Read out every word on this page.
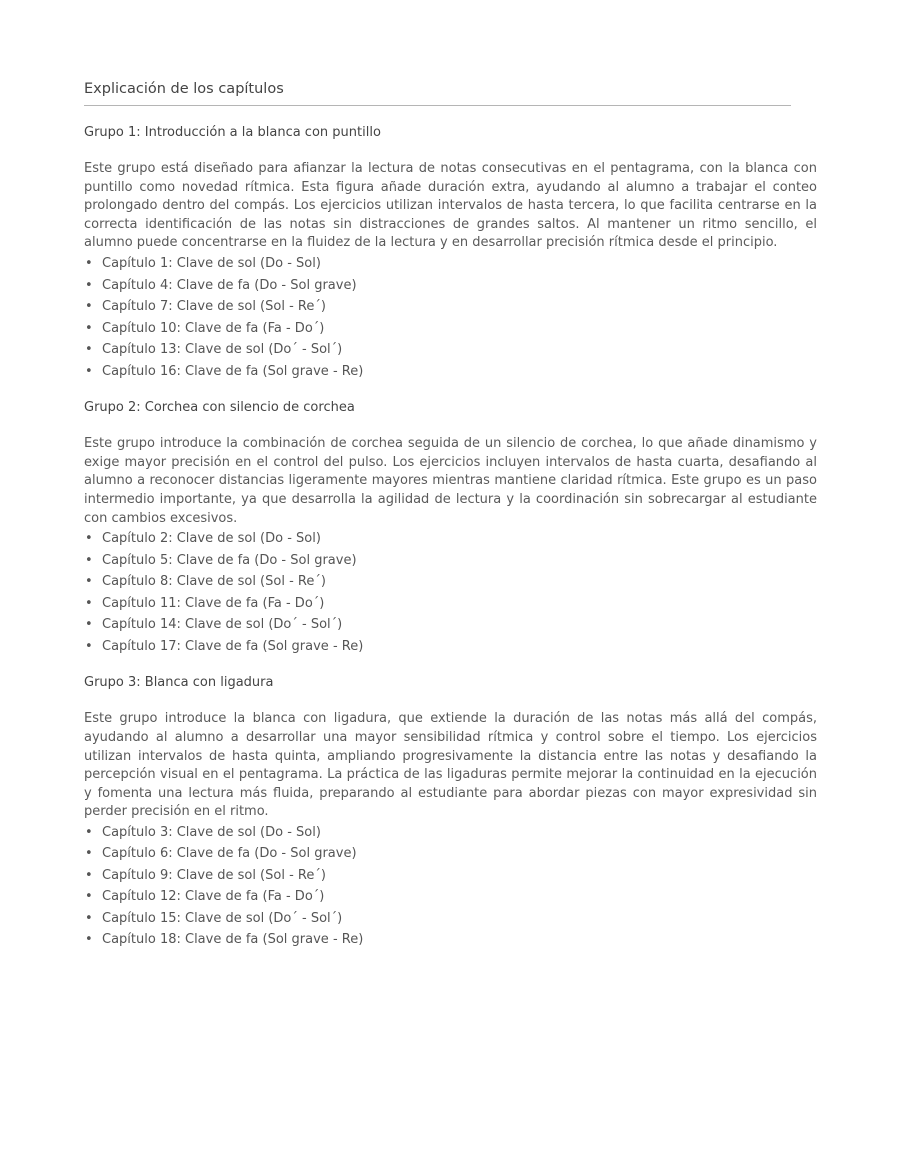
Explicación de los capítulos
Grupo 1: Introducción a la blanca con puntillo

Este grupo está diseñado para afianzar la lectura de notas consecutivas en el pentagrama, con la blanca con puntillo como novedad rítmica. Esta figura añade duración extra, ayudando al alumno a trabajar el conteo prolongado dentro del compás. Los ejercicios utilizan intervalos de hasta tercera, lo que facilita centrarse en la correcta identificación de las notas sin distracciones de grandes saltos. Al mantener un ritmo sencillo, el alumno puede concentrarse en la fluidez de la lectura y en desarrollar precisión rítmica desde el principio.

• Capítulo 1: Clave de sol (Do - Sol)
• Capítulo 4: Clave de fa (Do - Sol grave)
• Capítulo 7: Clave de sol (Sol - Re´)
• Capítulo 10: Clave de fa (Fa - Do´)
• Capítulo 13: Clave de sol (Do´ - Sol´)
• Capítulo 16: Clave de fa (Sol grave - Re)
Grupo 2: Corchea con silencio de corchea

Este grupo introduce la combinación de corchea seguida de un silencio de corchea, lo que añade dinamismo y exige mayor precisión en el control del pulso. Los ejercicios incluyen intervalos de hasta cuarta, desafiando al alumno a reconocer distancias ligeramente mayores mientras mantiene claridad rítmica. Este grupo es un paso intermedio importante, ya que desarrolla la agilidad de lectura y la coordinación sin sobrecargar al estudiante con cambios excesivos.

• Capítulo 2: Clave de sol (Do - Sol)
• Capítulo 5: Clave de fa (Do - Sol grave)
• Capítulo 8: Clave de sol (Sol - Re´)
• Capítulo 11: Clave de fa (Fa - Do´)
• Capítulo 14: Clave de sol (Do´ - Sol´)
• Capítulo 17: Clave de fa (Sol grave - Re)
Grupo 3: Blanca con ligadura

Este grupo introduce la blanca con ligadura, que extiende la duración de las notas más allá del compás, ayudando al alumno a desarrollar una mayor sensibilidad rítmica y control sobre el tiempo. Los ejercicios utilizan intervalos de hasta quinta, ampliando progresivamente la distancia entre las notas y desafiando la percepción visual en el pentagrama. La práctica de las ligaduras permite mejorar la continuidad en la ejecución y fomenta una lectura más fluida, preparando al estudiante para abordar piezas con mayor expresividad sin perder precisión en el ritmo.

• Capítulo 3: Clave de sol (Do - Sol)
• Capítulo 6: Clave de fa (Do - Sol grave)
• Capítulo 9: Clave de sol (Sol - Re´)
• Capítulo 12: Clave de fa (Fa - Do´)
• Capítulo 15: Clave de sol (Do´ - Sol´)
• Capítulo 18: Clave de fa (Sol grave - Re)
